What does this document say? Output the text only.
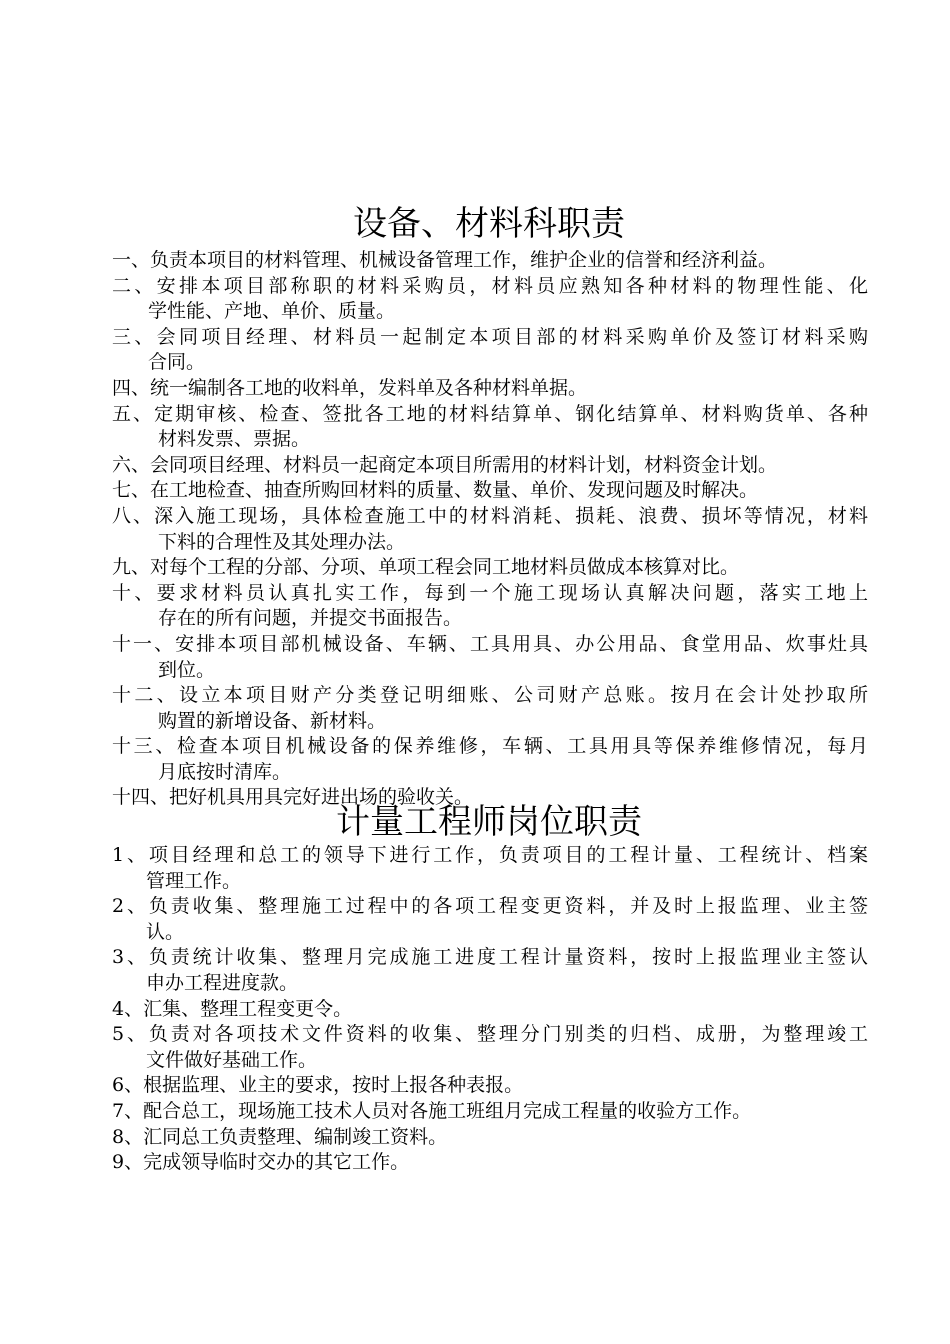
设备、材料科职责
一、负责本项目的材料管理、机械设备管理工作，维护企业的信誉和经济利益。
二、安排本项目部称职的材料采购员，材料员应熟知各种材料的物理性能、化
学性能、产地、单价、质量。
三、会同项目经理、材料员一起制定本项目部的材料采购单价及签订材料采购
合同。
四、统一编制各工地的收料单，发料单及各种材料单据。
五、定期审核、检查、签批各工地的材料结算单、钢化结算单、材料购货单、各种
材料发票、票据。
六、会同项目经理、材料员一起商定本项目所需用的材料计划，材料资金计划。
七、在工地检查、抽查所购回材料的质量、数量、单价、发现问题及时解决。
八、深入施工现场，具体检查施工中的材料消耗、损耗、浪费、损坏等情况，材料
下料的合理性及其处理办法。
九、对每个工程的分部、分项、单项工程会同工地材料员做成本核算对比。
十、要求材料员认真扎实工作，每到一个施工现场认真解决问题，落实工地上
存在的所有问题，并提交书面报告。
十一、安排本项目部机械设备、车辆、工具用具、办公用品、食堂用品、炊事灶具
到位。
十二、设立本项目财产分类登记明细账、公司财产总账。按月在会计处抄取所
购置的新增设备、新材料。
十三、检查本项目机械设备的保养维修，车辆、工具用具等保养维修情况，每月
月底按时清库。
十四、把好机具用具完好进出场的验收关。
计量工程师岗位职责
1、项目经理和总工的领导下进行工作，负责项目的工程计量、工程统计、档案
管理工作。
2、负责收集、整理施工过程中的各项工程变更资料，并及时上报监理、业主签
认。
3、负责统计收集、整理月完成施工进度工程计量资料，按时上报监理业主签认
申办工程进度款。
4、汇集、整理工程变更令。
5、负责对各项技术文件资料的收集、整理分门别类的归档、成册，为整理竣工
文件做好基础工作。
6、根据监理、业主的要求，按时上报各种表报。
7、配合总工，现场施工技术人员对各施工班组月完成工程量的收验方工作。
8、汇同总工负责整理、编制竣工资料。
9、完成领导临时交办的其它工作。
